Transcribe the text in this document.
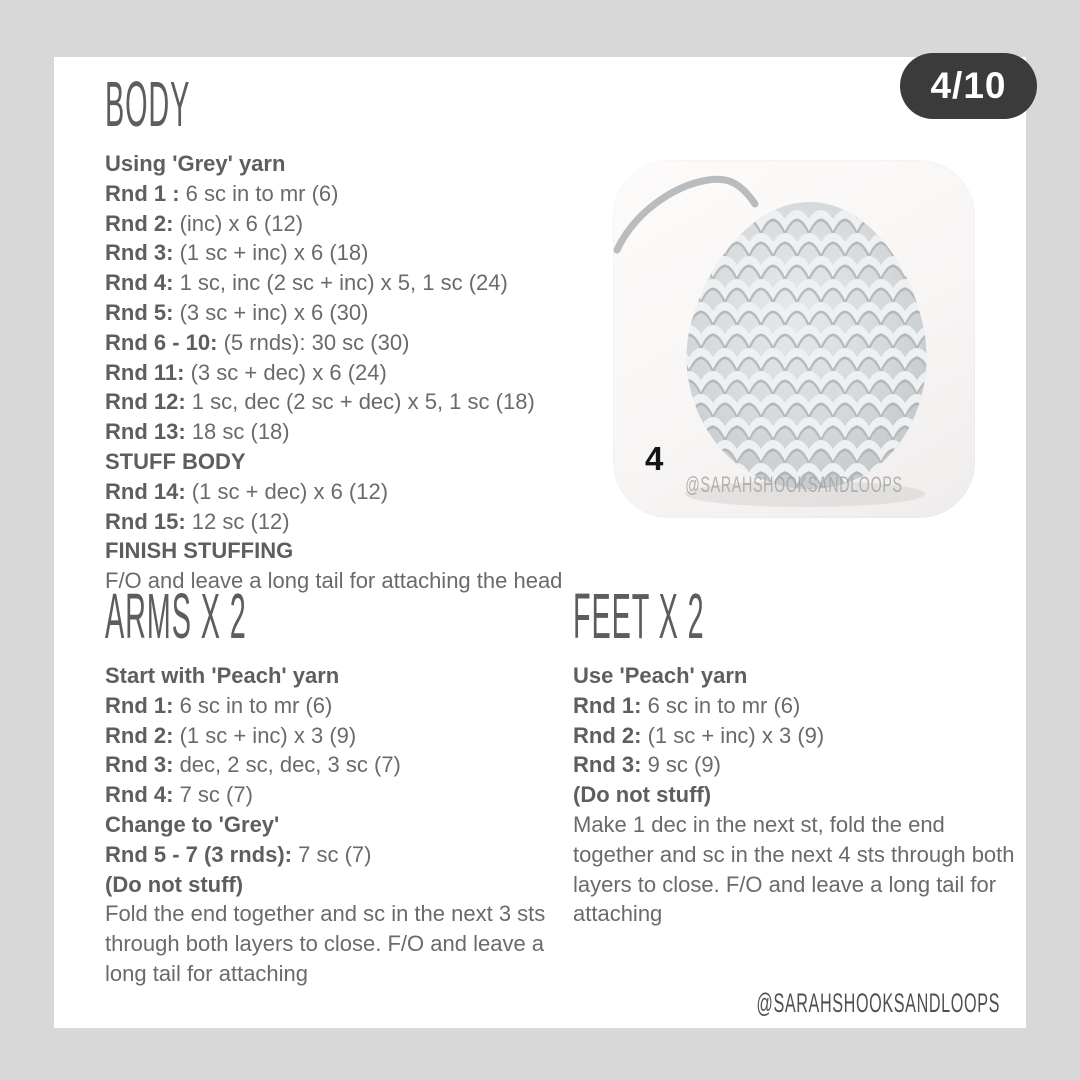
4/10
BODY
Using 'Grey' yarn
Rnd 1 : 6 sc in to mr (6)
Rnd 2: (inc) x 6 (12)
Rnd 3: (1 sc + inc) x 6 (18)
Rnd 4: 1 sc, inc (2 sc + inc) x 5, 1 sc (24)
Rnd 5: (3 sc + inc) x 6 (30)
Rnd 6 - 10: (5 rnds): 30 sc (30)
Rnd 11: (3 sc + dec) x 6 (24)
Rnd 12: 1 sc, dec (2 sc + dec) x 5, 1 sc (18)
Rnd 13: 18 sc (18)
STUFF BODY
Rnd 14: (1 sc + dec) x 6 (12)
Rnd 15: 12 sc (12)
FINISH STUFFING
F/O and leave a long tail for attaching the head
4
@SARAHSHOOKSANDLOOPS
ARMS X 2
Start with 'Peach' yarn
Rnd 1: 6 sc in to mr (6)
Rnd 2: (1 sc + inc) x 3 (9)
Rnd 3: dec, 2 sc, dec, 3 sc (7)
Rnd 4: 7 sc (7)
Change to 'Grey'
Rnd 5 - 7 (3 rnds): 7 sc (7)
(Do not stuff)
Fold the end together and sc in the next 3 sts through both layers to close. F/O and leave a long tail for attaching
FEET X 2
Use 'Peach' yarn
Rnd 1: 6 sc in to mr (6)
Rnd 2: (1 sc + inc) x 3 (9)
Rnd 3: 9 sc (9)
(Do not stuff)
Make 1 dec in the next st, fold the end together and sc in the next 4 sts through both layers to close. F/O and leave a long tail for attaching
@SARAHSHOOKSANDLOOPS
